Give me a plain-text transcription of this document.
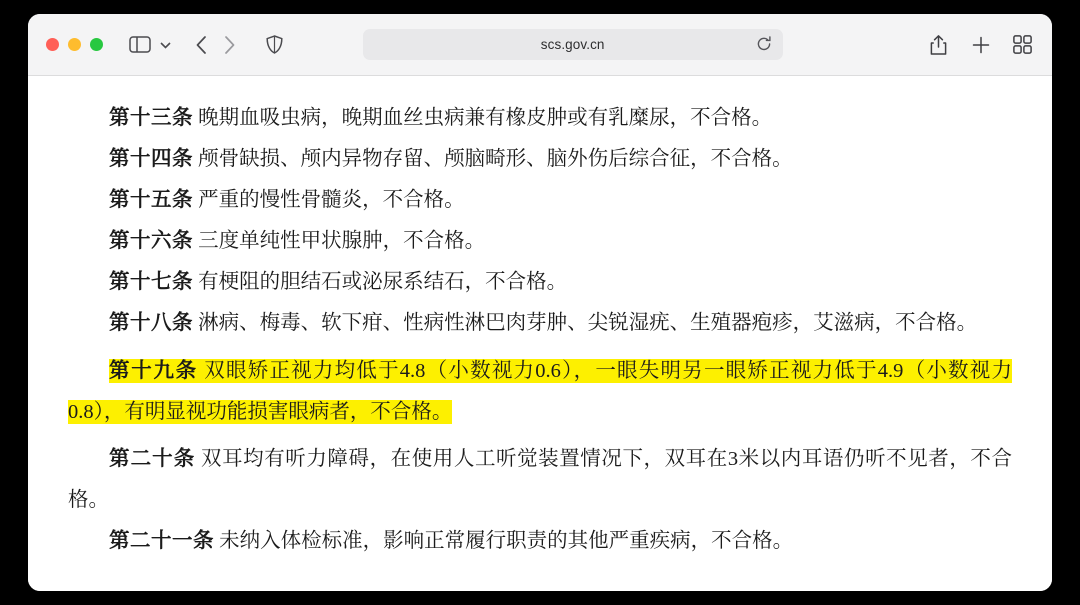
scs.gov.cn

第十三条 晚期血吸虫病，晚期血丝虫病兼有橡皮肿或有乳糜尿，不合格。

第十四条 颅骨缺损、颅内异物存留、颅脑畸形、脑外伤后综合征，不合格。

第十五条 严重的慢性骨髓炎，不合格。

第十六条 三度单纯性甲状腺肿，不合格。

第十七条 有梗阻的胆结石或泌尿系结石，不合格。

第十八条 淋病、梅毒、软下疳、性病性淋巴肉芽肿、尖锐湿疣、生殖器疱疹，艾滋病，不合格。

第十九条 双眼矫正视力均低于4.8（小数视力0.6），一眼失明另一眼矫正视力低于4.9（小数视力0.8），有明显视功能损害眼病者，不合格。

第二十条 双耳均有听力障碍，在使用人工听觉装置情况下，双耳在3米以内耳语仍听不见者，不合格。

第二十一条 未纳入体检标准，影响正常履行职责的其他严重疾病，不合格。
